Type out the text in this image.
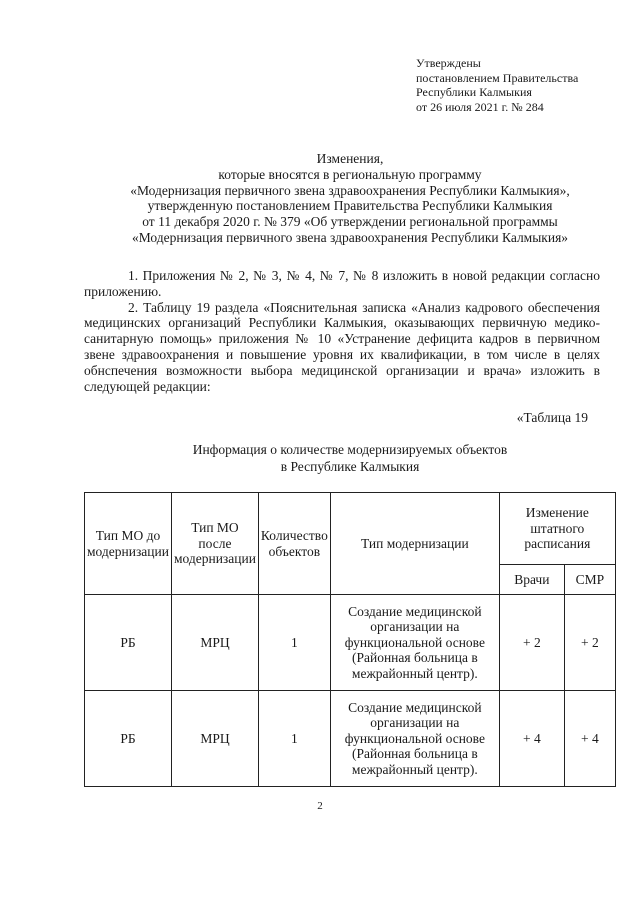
Утверждены
постановлением Правительства
Республики Калмыкия
от 26 июля 2021 г. № 284
Изменения,
которые вносятся в региональную программу
«Модернизация первичного звена здравоохранения Республики Калмыкия»,
утвержденную постановлением Правительства Республики Калмыкия
от 11 декабря 2020 г. № 379 «Об утверждении региональной программы
«Модернизация первичного звена здравоохранения Республики Калмыкия»

1. Приложения № 2, № 3, № 4, № 7, № 8 изложить в новой редакции согласно приложению.

2. Таблицу 19 раздела «Пояснительная записка «Анализ кадрового обеспечения медицинских организаций Республики Калмыкия, оказывающих первичную медико-санитарную помощь» приложения № 10 «Устранение дефицита кадров в первичном звене здравоохранения и повышение уровня их квалификации, в том числе в целях обнспечения возможности выбора медицинской организации и врача» изложить в следующей редакции:

«Таблица 19
Информация о количестве модернизируемых объектов
в Республике Калмыкия
Тип МО до модернизации	Тип МО после модернизации	Количество объектов	Тип модернизации	Изменение штатного расписания	
				Врачи	СМР
РБ	МРЦ	1	Создание медицинской организации на функциональной основе (Районная больница в межрайонный центр).	+ 2	+ 2
РБ	МРЦ	1	Создание медицинской организации на функциональной основе (Районная больница в межрайонный центр).	+ 4	+ 4
2
